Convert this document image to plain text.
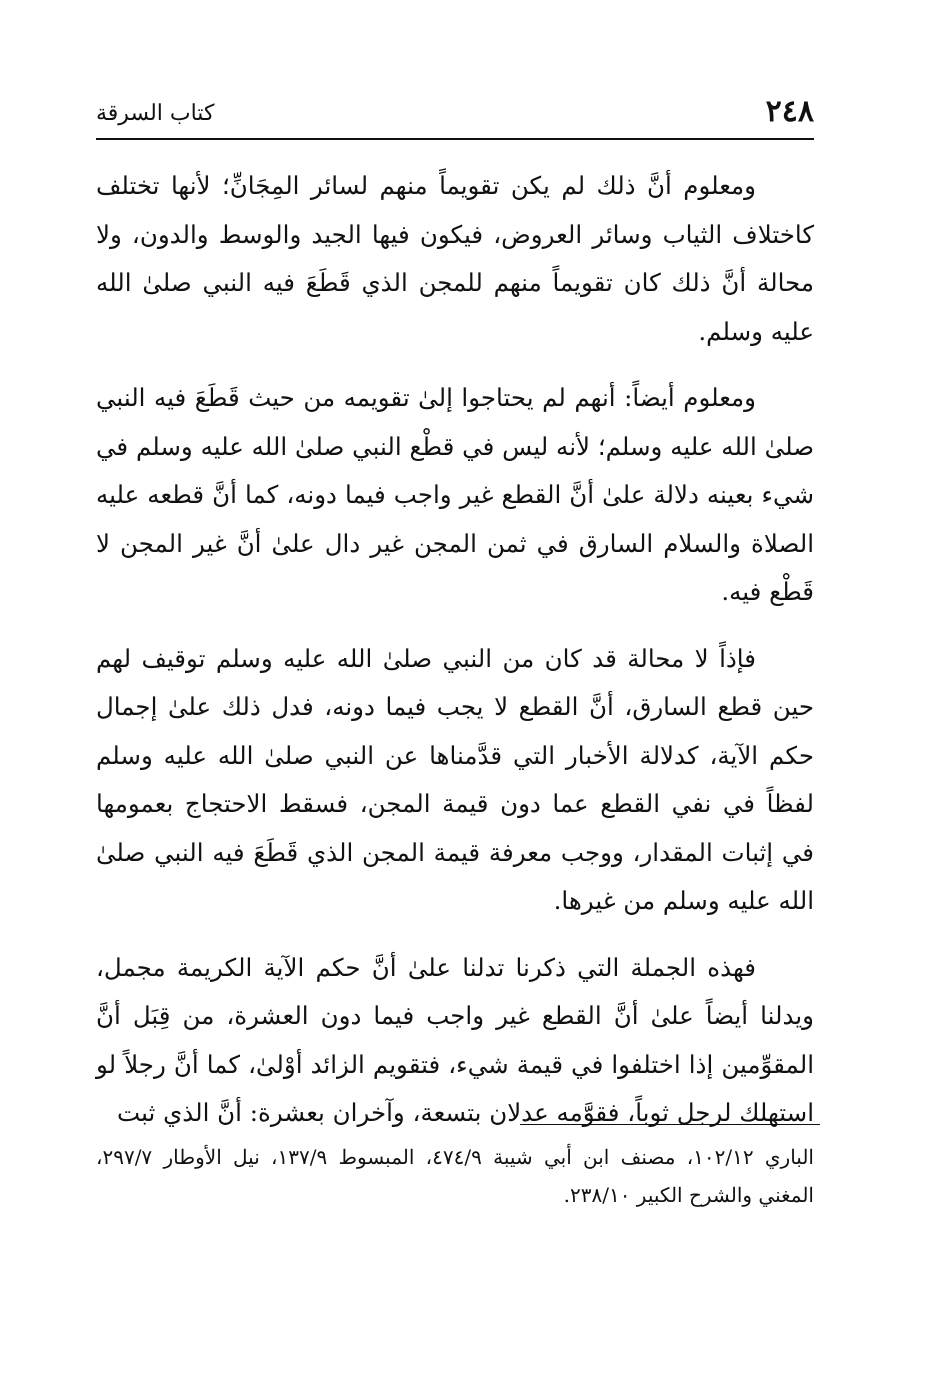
٢٤٨
كتاب السرقة

ومعلوم أنَّ ذلك لم يكن تقويماً منهم لسائر المِجَانِّ؛ لأنها تختلف كاختلاف الثياب وسائر العروض، فيكون فيها الجيد والوسط والدون، ولا محالة أنَّ ذلك كان تقويماً منهم للمجن الذي قَطَعَ فيه النبي صلىٰ الله عليه وسلم.

ومعلوم أيضاً: أنهم لم يحتاجوا إلىٰ تقويمه من حيث قَطَعَ فيه النبي صلىٰ الله عليه وسلم؛ لأنه ليس في قطْع النبي صلىٰ الله عليه وسلم في شيء بعينه دلالة علىٰ أنَّ القطع غير واجب فيما دونه، كما أنَّ قطعه عليه الصلاة والسلام السارق في ثمن المجن غير دال علىٰ أنَّ غير المجن لا قَطْع فيه.

فإذاً لا محالة قد كان من النبي صلىٰ الله عليه وسلم توقيف لهم حين قطع السارق، أنَّ القطع لا يجب فيما دونه، فدل ذلك علىٰ إجمال حكم الآية، كدلالة الأخبار التي قدَّمناها عن النبي صلىٰ الله عليه وسلم لفظاً في نفي القطع عما دون قيمة المجن، فسقط الاحتجاج بعمومها في إثبات المقدار، ووجب معرفة قيمة المجن الذي قَطَعَ فيه النبي صلىٰ الله عليه وسلم من غيرها.

فهذه الجملة التي ذكرنا تدلنا علىٰ أنَّ حكم الآية الكريمة مجمل، ويدلنا أيضاً علىٰ أنَّ القطع غير واجب فيما دون العشرة، من قِبَل أنَّ المقوِّمين إذا اختلفوا في قيمة شيء، فتقويم الزائد أوْلىٰ، كما أنَّ رجلاً لو استهلك لرجل ثوباً، فقوَّمه عدلان بتسعة، وآخران بعشرة: أنَّ الذي ثبت

الباري ١٠٢/١٢، مصنف ابن أبي شيبة ٤٧٤/٩، المبسوط ١٣٧/٩، نيل الأوطار ٢٩٧/٧، المغني والشرح الكبير ٢٣٨/١٠.
